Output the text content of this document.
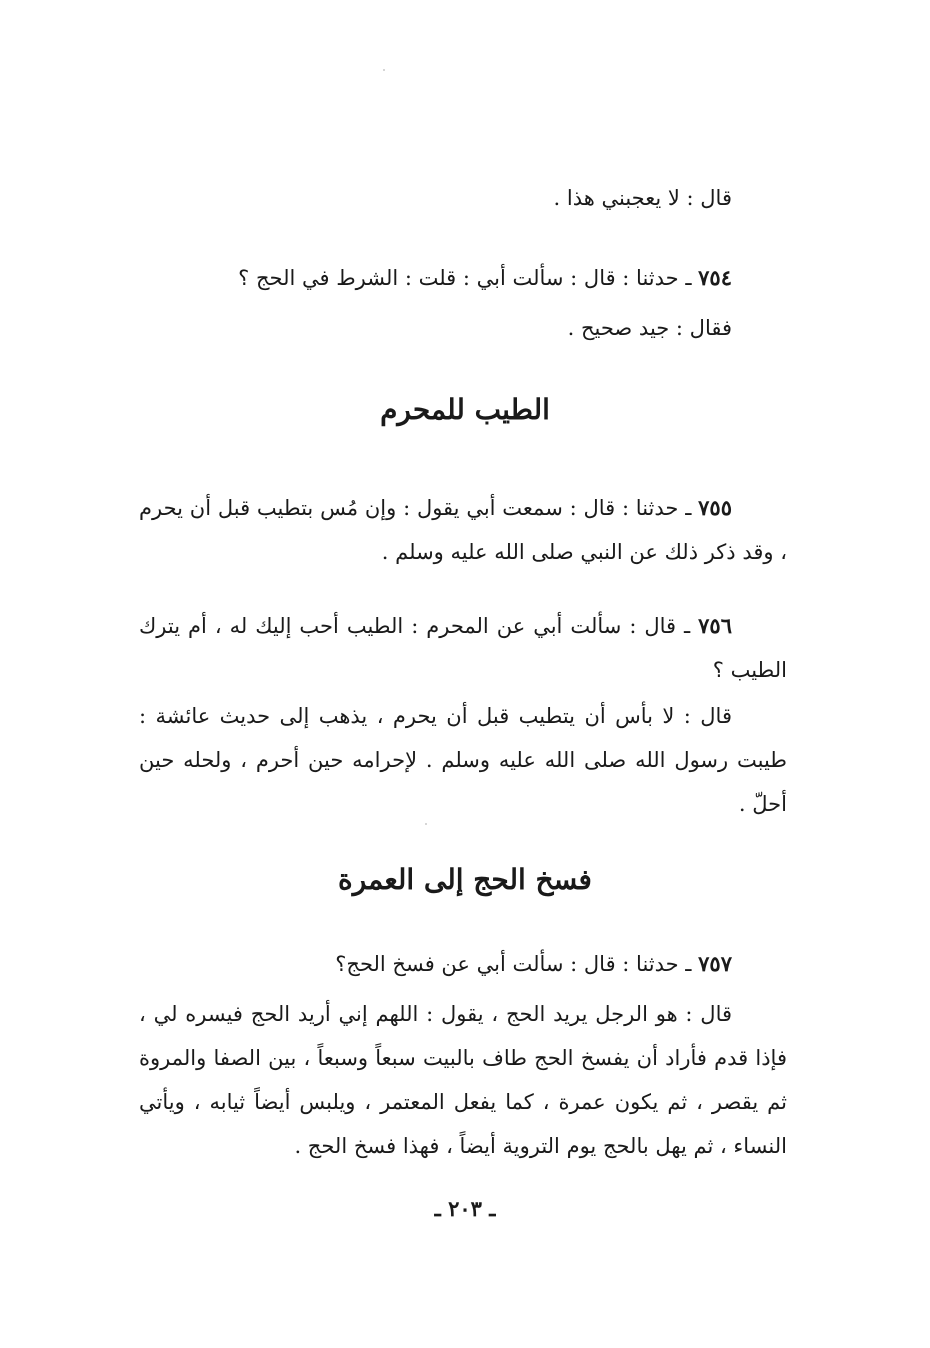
قال : لا يعجبني هذا .
٧٥٤ ـ حدثنا : قال : سألت أبي : قلت : الشرط في الحج ؟
فقال : جيد صحيح .
الطيب للمحرم
٧٥٥ ـ حدثنا : قال : سمعت أبي يقول : وإن مُس بتطيب قبل أن يحرم ، وقد ذكر ذلك عن النبي صلى الله عليه وسلم .
٧٥٦ ـ قال : سألت أبي عن المحرم : الطيب أحب إليك له ، أم يترك الطيب ؟
قال : لا بأس أن يتطيب قبل أن يحرم ، يذهب إلى حديث عائشة : طيبت رسول الله صلى الله عليه وسلم . لإحرامه حين أحرم ، ولحله حين أحلّ .
فسخ الحج إلى العمرة
٧٥٧ ـ حدثنا : قال : سألت أبي عن فسخ الحج؟
قال : هو الرجل يريد الحج ، يقول : اللهم إني أريد الحج فيسره لي ، فإذا قدم فأراد أن يفسخ الحج طاف بالبيت سبعاً وسبعاً ، بين الصفا والمروة ثم يقصر ، ثم يكون عمرة ، كما يفعل المعتمر ، ويلبس أيضاً ثيابه ، ويأتي النساء ، ثم يهل بالحج يوم التروية أيضاً ، فهذا فسخ الحج .
ـ ٢٠٣ ـ
